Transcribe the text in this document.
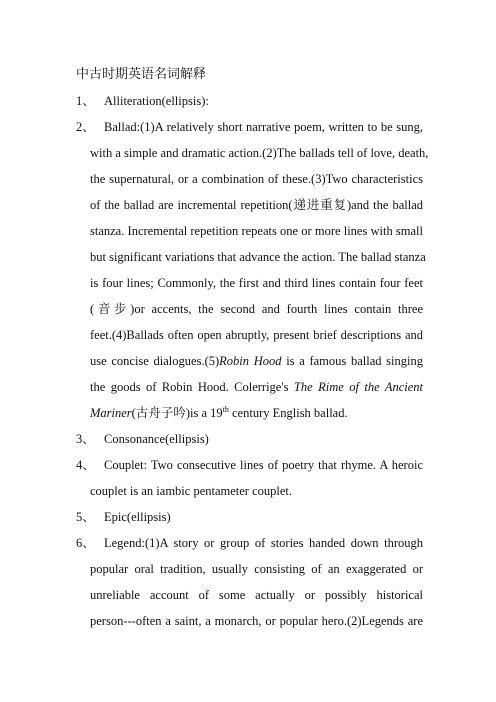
中古时期英语名词解释
1、 Alliteration(ellipsis):
2、 Ballad:(1)A relatively short narrative poem, written to be sung,
with a simple and dramatic action.(2)The ballads tell of love, death,
the supernatural, or a combination of these.(3)Two characteristics
of the ballad are incremental repetition(递进重复)and the ballad
stanza. Incremental repetition repeats one or more lines with small
but significant variations that advance the action. The ballad stanza
is four lines; Commonly, the first and third lines contain four feet
(音步)or accents, the second and fourth lines contain three
feet.(4)Ballads often open abruptly, present brief descriptions and
use concise dialogues.(5)Robin Hood is a famous ballad singing
the goods of Robin Hood. Colerrige's The Rime of the Ancient
Mariner(古舟子吟)is a 19th century English ballad.
3、 Consonance(ellipsis)
4、 Couplet: Two consecutive lines of poetry that rhyme. A heroic
couplet is an iambic pentameter couplet.
5、 Epic(ellipsis)
6、 Legend:(1)A story or group of stories handed down through
popular oral tradition, usually consisting of an exaggerated or
unreliable account of some actually or possibly historical
person---often a saint, a monarch, or popular hero.(2)Legends are
